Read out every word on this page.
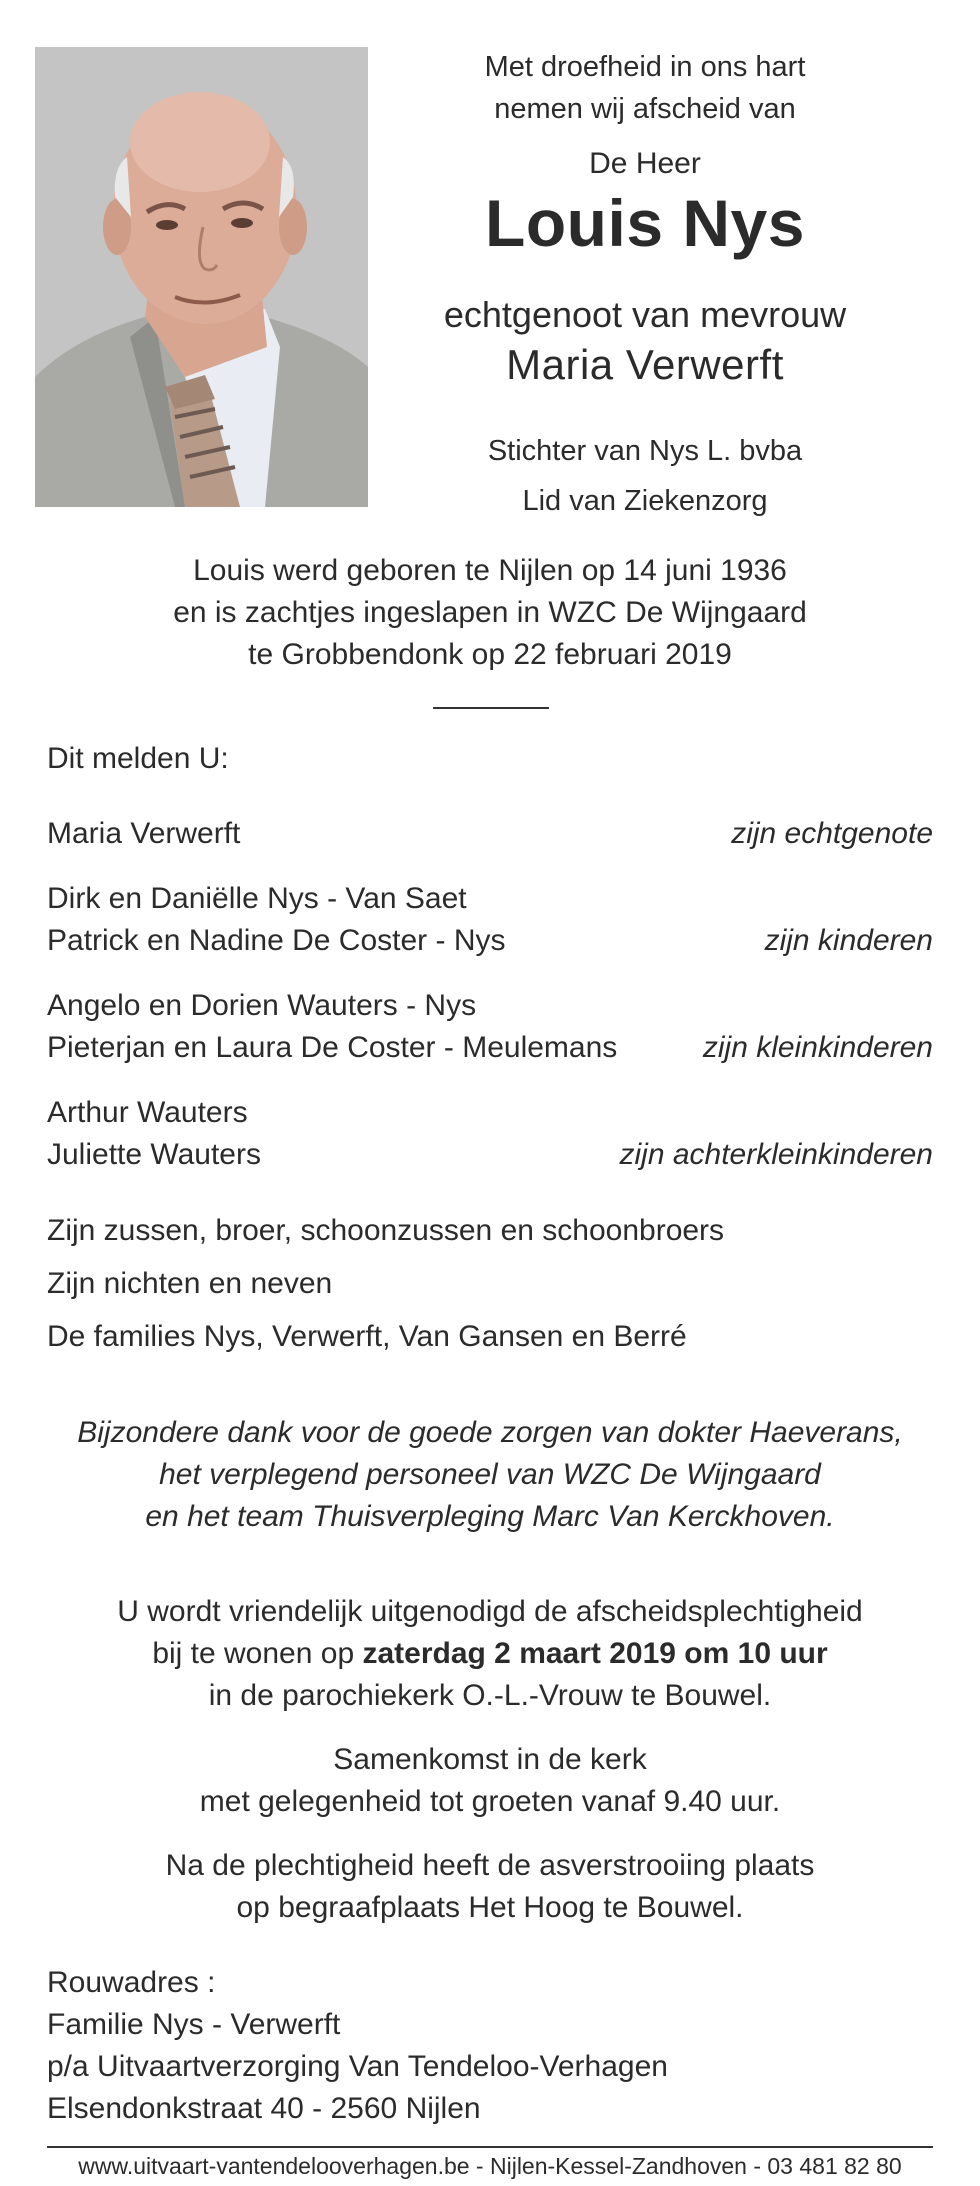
Met droefheid in ons hart
nemen wij afscheid van
De Heer
Louis Nys
echtgenoot van mevrouw
Maria Verwerft
Stichter van Nys L. bvba
Lid van Ziekenzorg
Louis werd geboren te Nijlen op 14 juni 1936
en is zachtjes ingeslapen in WZC De Wijngaard
te Grobbendonk op 22 februari 2019
Dit melden U:
Maria Verwerft	zijn echtgenote
Dirk en Daniëlle Nys - Van Saet
Patrick en Nadine De Coster - Nys	zijn kinderen
Angelo en Dorien Wauters - Nys
Pieterjan en Laura De Coster - Meulemans	zijn kleinkinderen
Arthur Wauters
Juliette Wauters	zijn achterkleinkinderen
Zijn zussen, broer, schoonzussen en schoonbroers
Zijn nichten en neven
De families Nys, Verwerft, Van Gansen en Berré
Bijzondere dank voor de goede zorgen van dokter Haeverans,
het verplegend personeel van WZC De Wijngaard
en het team Thuisverpleging Marc Van Kerckhoven.
U wordt vriendelijk uitgenodigd de afscheidsplechtigheid
bij te wonen op zaterdag 2 maart 2019 om 10 uur
in de parochiekerk O.-L.-Vrouw te Bouwel.
Samenkomst in de kerk
met gelegenheid tot groeten vanaf 9.40 uur.
Na de plechtigheid heeft de asverstrooiing plaats
op begraafplaats Het Hoog te Bouwel.
Rouwadres :
Familie Nys - Verwerft
p/a Uitvaartverzorging Van Tendeloo-Verhagen
Elsendonkstraat 40 - 2560 Nijlen
www.uitvaart-vantendelooverhagen.be - Nijlen-Kessel-Zandhoven - 03 481 82 80
